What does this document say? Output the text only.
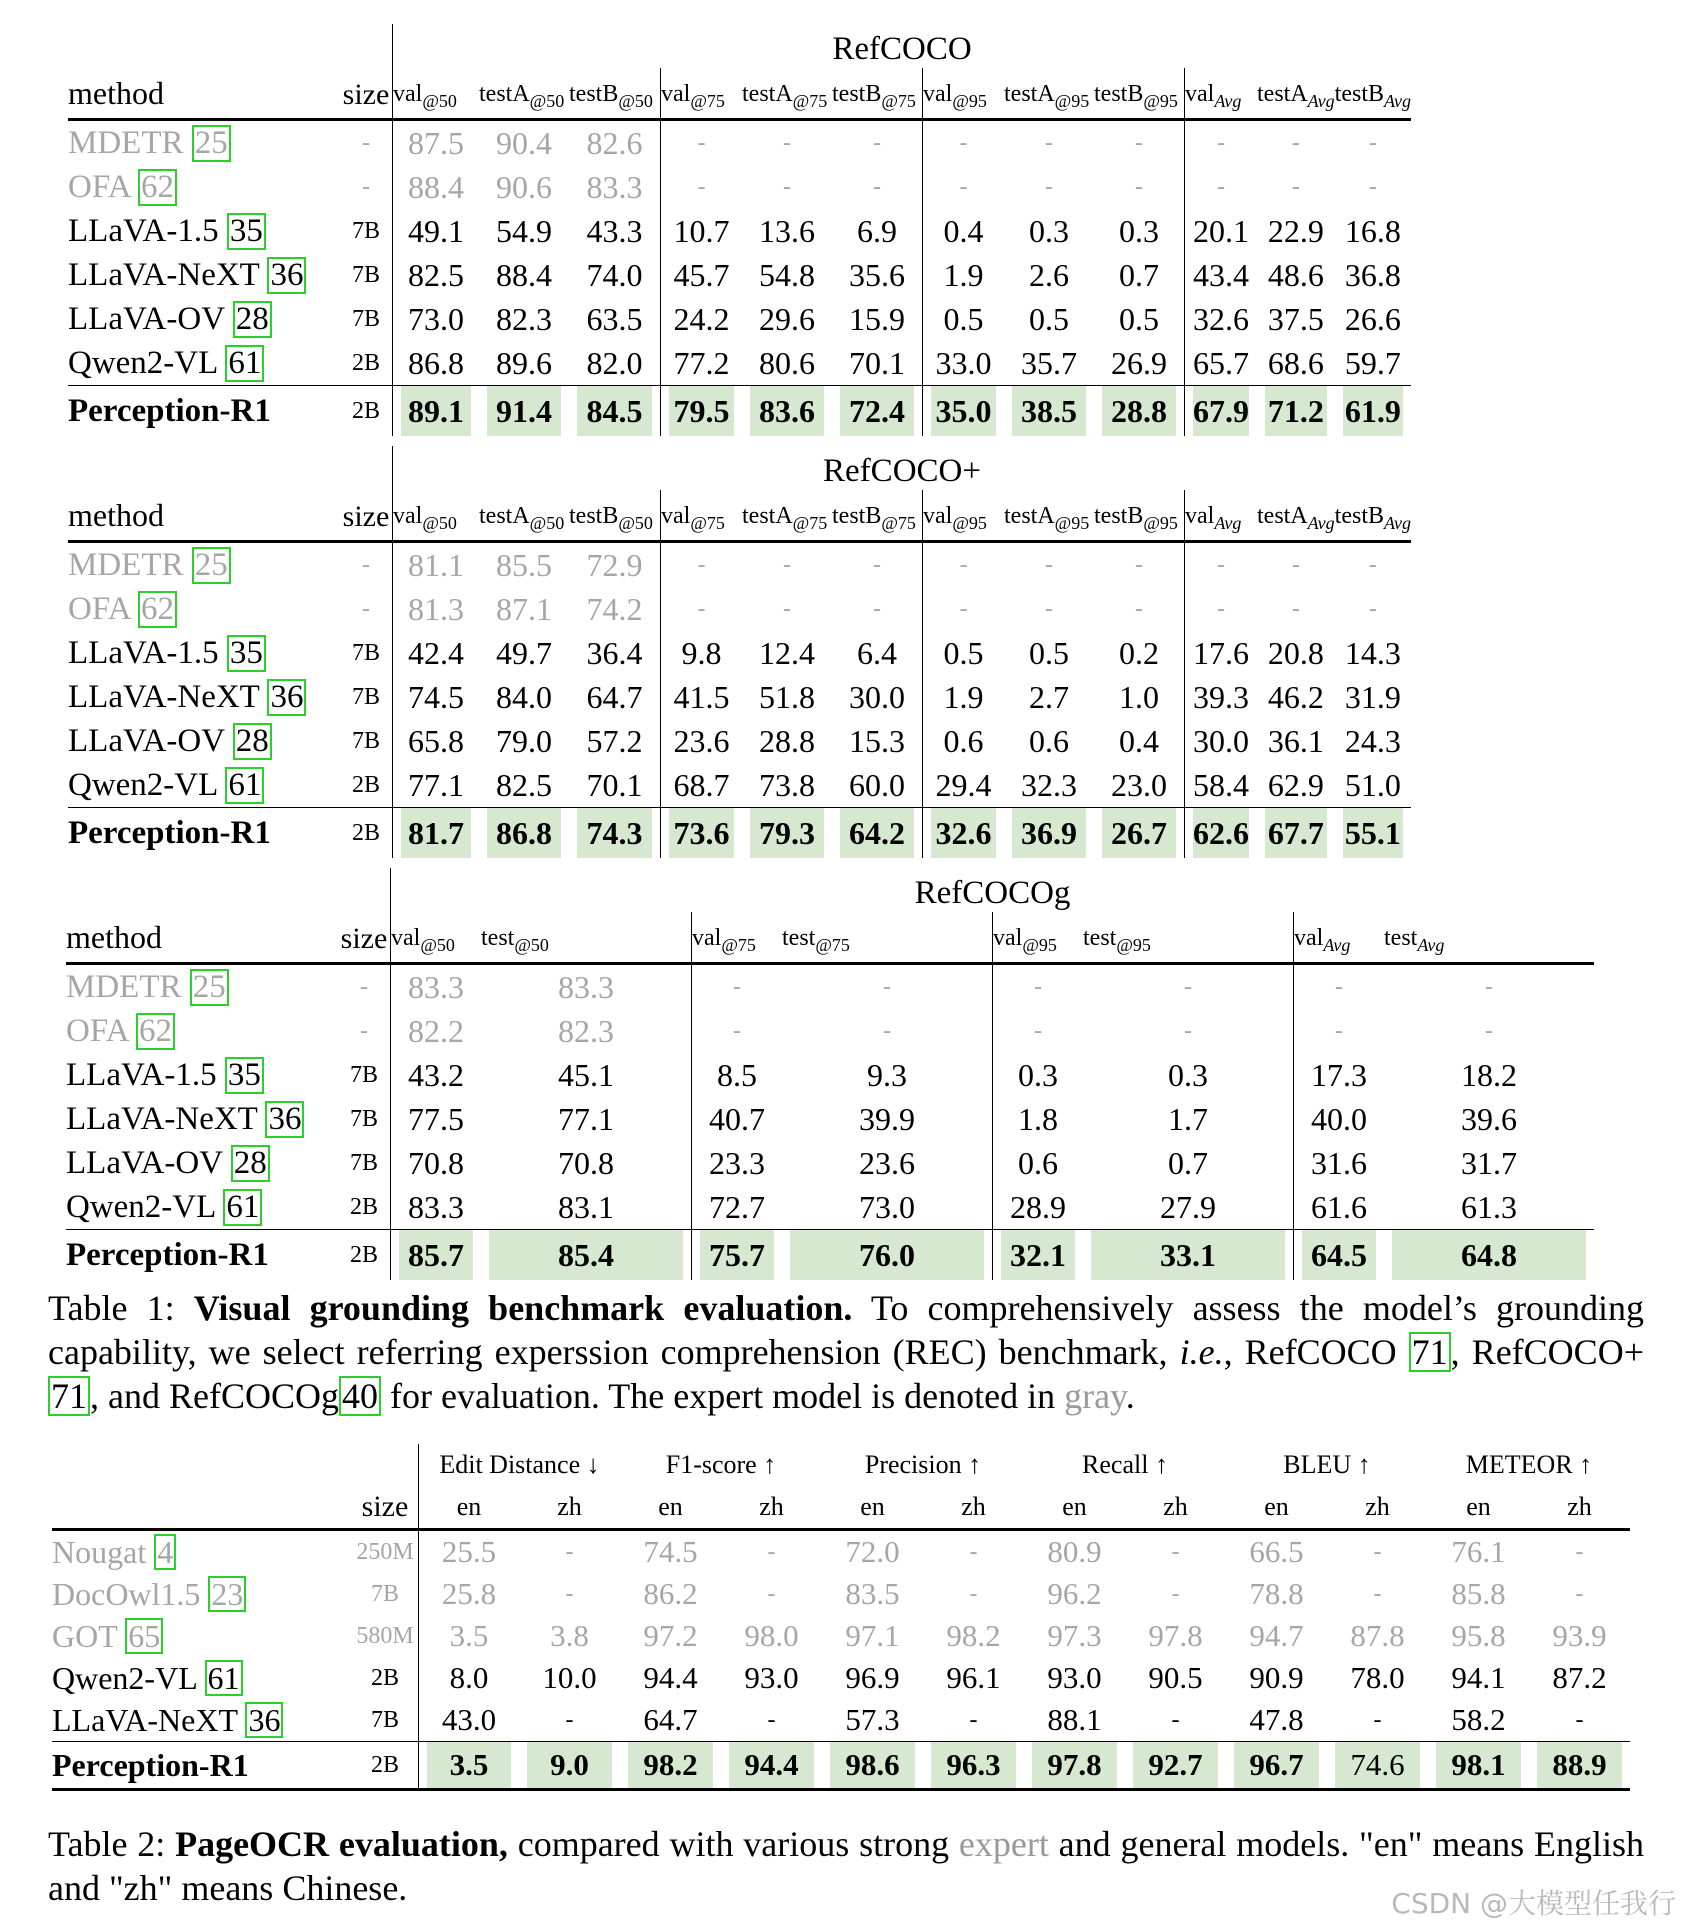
		RefCOCO											
method	size	val$_{@50}$	testA$_{@50}$	testB$_{@50}$	val$_{@75}$	testA$_{@75}$	testB$_{@75}$	val$_{@95}$	testA$_{@95}$	testB$_{@95}$	val$_{Avg}$	testA$_{Avg}$	testB$_{Avg}$
MDETR 25	-	87.5	90.4	82.6	-	-	-	-	-	-	-	-	-
OFA 62	-	88.4	90.6	83.3	-	-	-	-	-	-	-	-	-
LLaVA-1.5 35	7B	49.1	54.9	43.3	10.7	13.6	6.9	0.4	0.3	0.3	20.1	22.9	16.8
LLaVA-NeXT 36	7B	82.5	88.4	74.0	45.7	54.8	35.6	1.9	2.6	0.7	43.4	48.6	36.8
LLaVA-OV 28	7B	73.0	82.3	63.5	24.2	29.6	15.9	0.5	0.5	0.5	32.6	37.5	26.6
Qwen2-VL 61	2B	86.8	89.6	82.0	77.2	80.6	70.1	33.0	35.7	26.9	65.7	68.6	59.7
Perception-R1	2B	89.1	91.4	84.5	79.5	83.6	72.4	35.0	38.5	28.8	67.9	71.2	61.9
		RefCOCO+											
method	size	val$_{@50}$	testA$_{@50}$	testB$_{@50}$	val$_{@75}$	testA$_{@75}$	testB$_{@75}$	val$_{@95}$	testA$_{@95}$	testB$_{@95}$	val$_{Avg}$	testA$_{Avg}$	testB$_{Avg}$
MDETR 25	-	81.1	85.5	72.9	-	-	-	-	-	-	-	-	-
OFA 62	-	81.3	87.1	74.2	-	-	-	-	-	-	-	-	-
LLaVA-1.5 35	7B	42.4	49.7	36.4	9.8	12.4	6.4	0.5	0.5	0.2	17.6	20.8	14.3
LLaVA-NeXT 36	7B	74.5	84.0	64.7	41.5	51.8	30.0	1.9	2.7	1.0	39.3	46.2	31.9
LLaVA-OV 28	7B	65.8	79.0	57.2	23.6	28.8	15.3	0.6	0.6	0.4	30.0	36.1	24.3
Qwen2-VL 61	2B	77.1	82.5	70.1	68.7	73.8	60.0	29.4	32.3	23.0	58.4	62.9	51.0
Perception-R1	2B	81.7	86.8	74.3	73.6	79.3	64.2	32.6	36.9	26.7	62.6	67.7	55.1
		RefCOCOg							
method	size	val$_{@50}$	test$_{@50}$	val$_{@75}$	test$_{@75}$	val$_{@95}$	test$_{@95}$	val$_{Avg}$	test$_{Avg}$
MDETR 25	-	83.3	83.3	-	-	-	-	-	-
OFA 62	-	82.2	82.3	-	-	-	-	-	-
LLaVA-1.5 35	7B	43.2	45.1	8.5	9.3	0.3	0.3	17.3	18.2
LLaVA-NeXT 36	7B	77.5	77.1	40.7	39.9	1.8	1.7	40.0	39.6
LLaVA-OV 28	7B	70.8	70.8	23.3	23.6	0.6	0.7	31.6	31.7
Qwen2-VL 61	2B	83.3	83.1	72.7	73.0	28.9	27.9	61.6	61.3
Perception-R1	2B	85.7	85.4	75.7	76.0	32.1	33.1	64.5	64.8
Table 1: Visual grounding benchmark evaluation. To comprehensively assess the model’s grounding capability, we select referring experssion comprehension (REC) benchmark, i.e., RefCOCO 71, RefCOCO+71, and RefCOCOg40 for evaluation. The expert model is denoted in gray.
		Edit Distance ↓		F1-score ↑		Precision ↑		Recall ↑		BLEU ↑		METEOR ↑	
	size	en	zh	en	zh	en	zh	en	zh	en	zh	en	zh
Nougat 4	250M	25.5	-	74.5	-	72.0	-	80.9	-	66.5	-	76.1	-
DocOwl1.5 23	7B	25.8	-	86.2	-	83.5	-	96.2	-	78.8	-	85.8	-
GOT 65	580M	3.5	3.8	97.2	98.0	97.1	98.2	97.3	97.8	94.7	87.8	95.8	93.9
Qwen2-VL 61	2B	8.0	10.0	94.4	93.0	96.9	96.1	93.0	90.5	90.9	78.0	94.1	87.2
LLaVA-NeXT 36	7B	43.0	-	64.7	-	57.3	-	88.1	-	47.8	-	58.2	-
Perception-R1	2B	3.5	9.0	98.2	94.4	98.6	96.3	97.8	92.7	96.7	74.6	98.1	88.9

Table 2: PageOCR evaluation, compared with various strong expert and general models. "en" means English and "zh" means Chinese.	CSDN @大模型任我行
